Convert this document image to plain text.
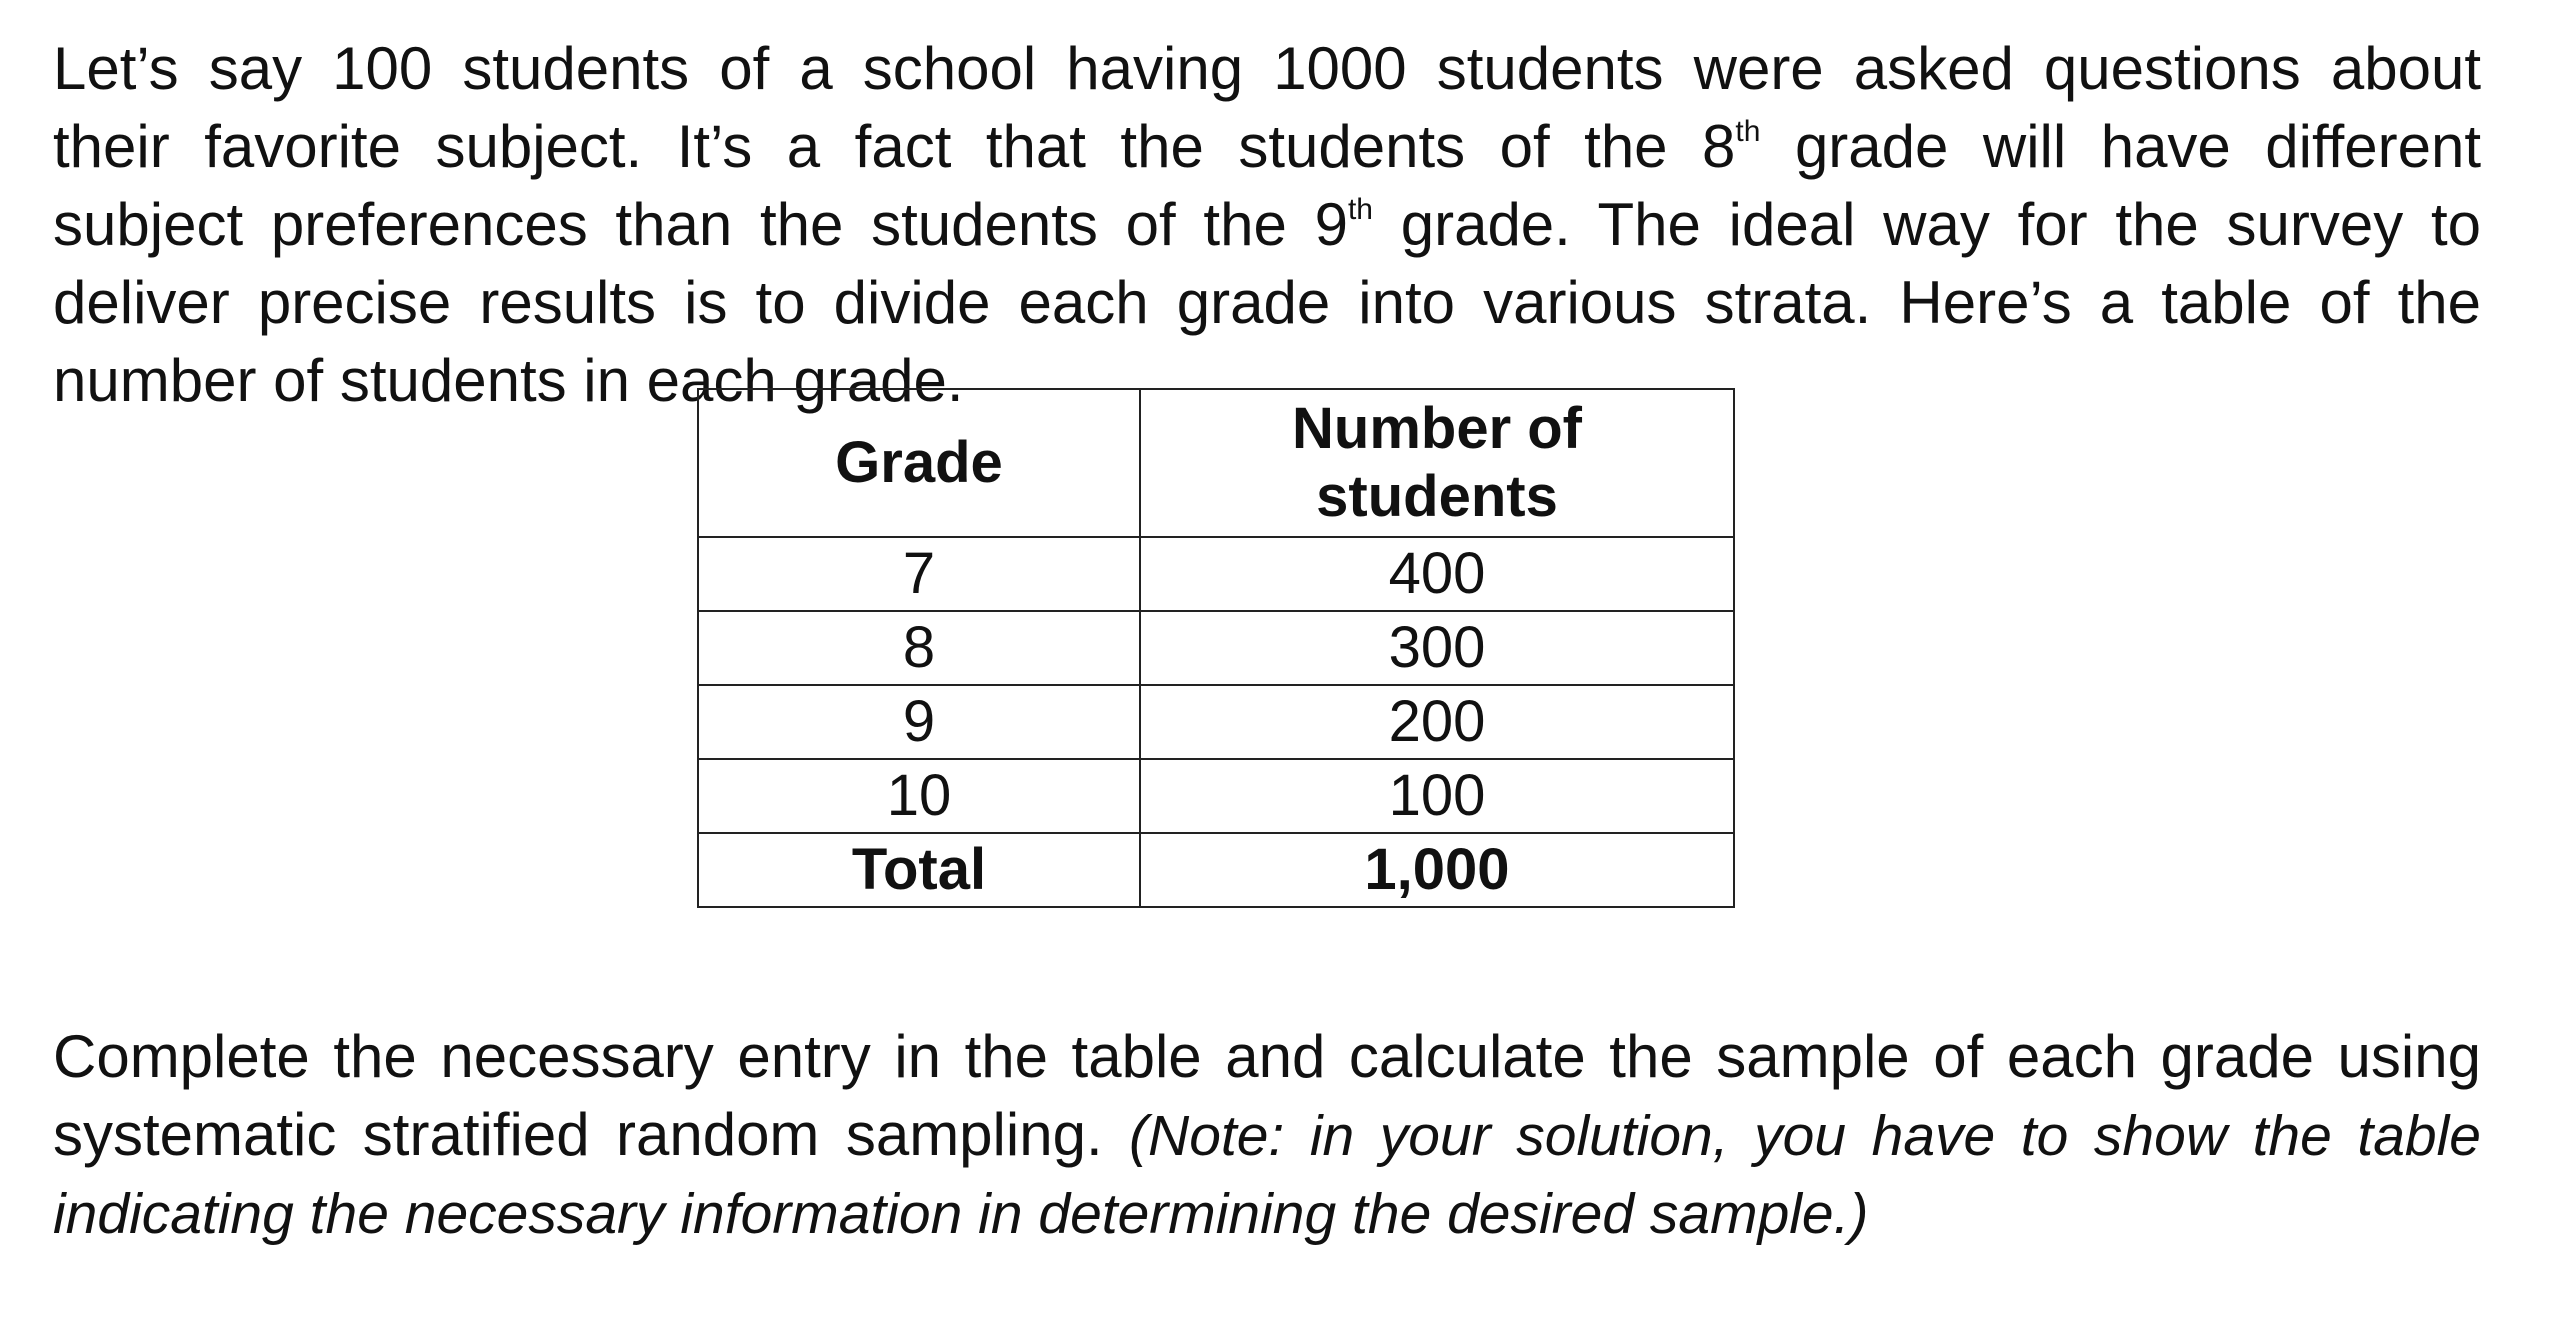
Let’s say 100 students of a school having 1000 students were asked questions about
their favorite subject. It’s a fact that the students of the 8th grade will have different
subject preferences than the students of the 9th grade. The ideal way for the survey to
deliver precise results is to divide each grade into various strata. Here’s a table of the
number of students in each grade.

Grade	Number of students

7	400
8	300
9	200
10	100
Total	1,000
Complete the necessary entry in the table and calculate the sample of each grade using
systematic stratified random sampling. (Note: in your solution, you have to show the table
indicating the necessary information in determining the desired sample.)
